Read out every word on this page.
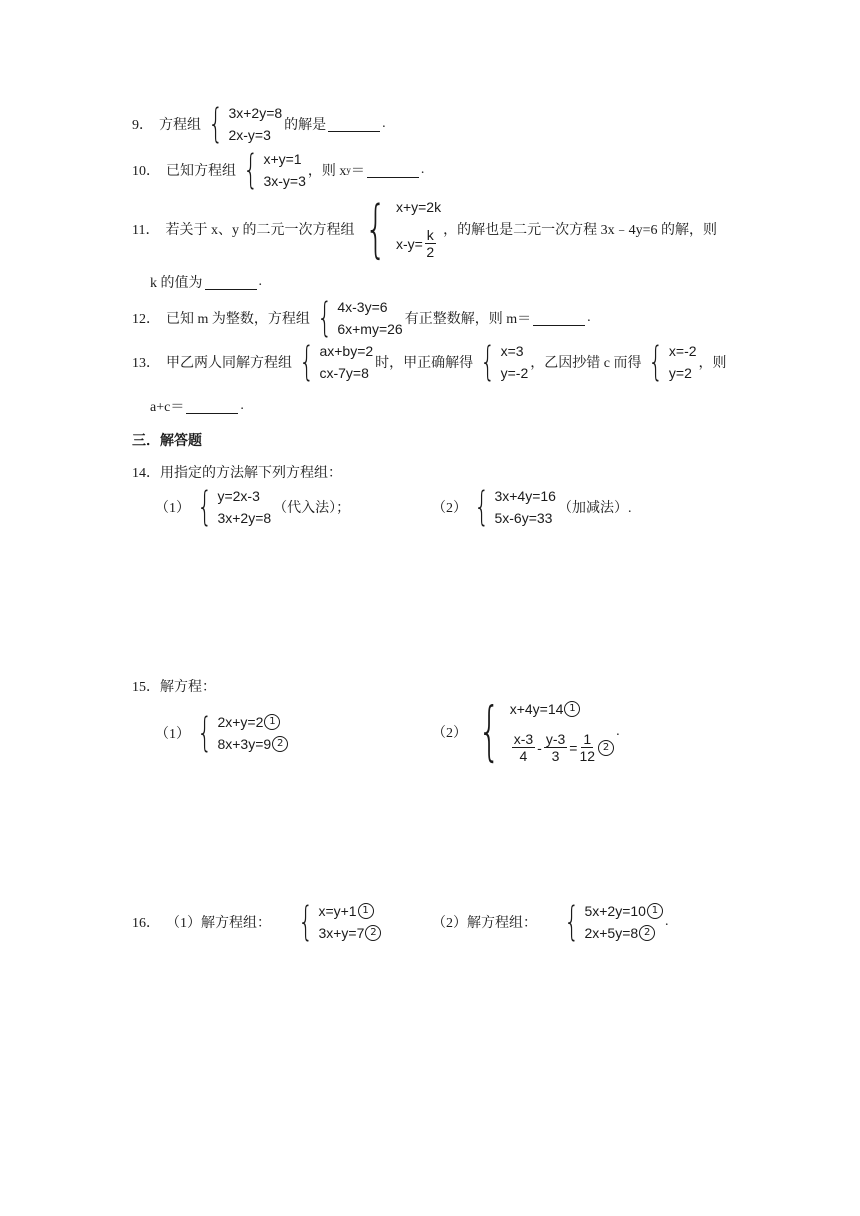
9． 方程组 { 3x+2y=8
2x-y=3
的解是	.
10． 已知方程组 { x+y=1
3x-y=3
，则 x y ＝	.
11． 若关于 x、y 的二元一次方程组 { x+y=2k
$x-y= \frac{k}{2}$ ，的解也是二元一次方程 3x﹣4y=6 的解，则
k 的值为	.
12． 已知 m 为整数，方程组 { 4x-3y=6
6x+my=26
有正整数解，则 m＝	.
13． 甲乙两人同解方程组 { ax+by=2
cx-7y=8
时，甲正确解得 { x=3
y=-2
，乙因抄错 c 而得 { x=-2
y=2
，则
a+c＝	.
三．解答题
14．用指定的方法解下列方程组：
（1） { y=2x-3
3x+2y=8
（代入法）；	（2） { 3x+4y=16
5x-6y=33
（加减法）.
15．解方程：
（1） { 2x+y=2 1
8x+3y=9 2
（2） { x+4y=14 1
$\frac{x-3}{4} - \frac{y-3}{3} = \frac{1}{12} 2$
.
16． （1）解方程组： { x=y+1 1
3x+y=7 2
（2）解方程组： { 5x+2y=10 1
2x+5y=8 2
.
